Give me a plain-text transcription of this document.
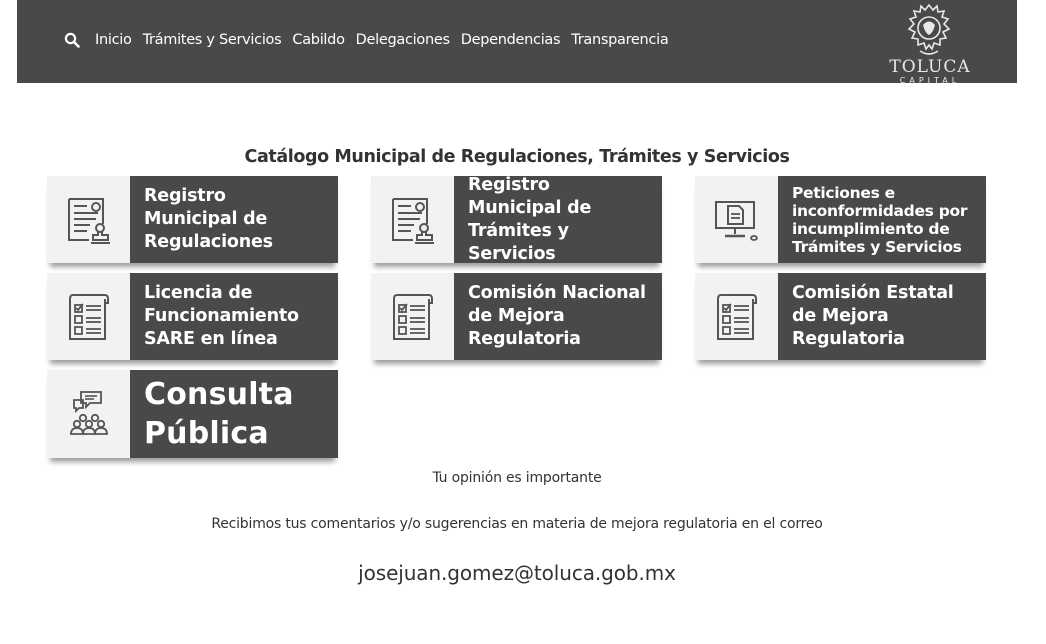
Inicio Trámites y Servicios Cabildo Delegaciones Dependencias Transparencia
TOLUCA
CAPITAL
Catálogo Municipal de Regulaciones, Trámites y Servicios
Registro
Municipal de
Regulaciones
Registro
Municipal de
Trámites y Servicios
Peticiones e
inconformidades por
incumplimiento de
Trámites y Servicios
Licencia de
Funcionamiento
SARE en línea
Comisión Nacional
de Mejora
Regulatoria
Comisión Estatal
de Mejora
Regulatoria
Consulta
Pública
Tu opinión es importante
Recibimos tus comentarios y/o sugerencias en materia de mejora regulatoria en el correo
josejuan.gomez@toluca.gob.mx
